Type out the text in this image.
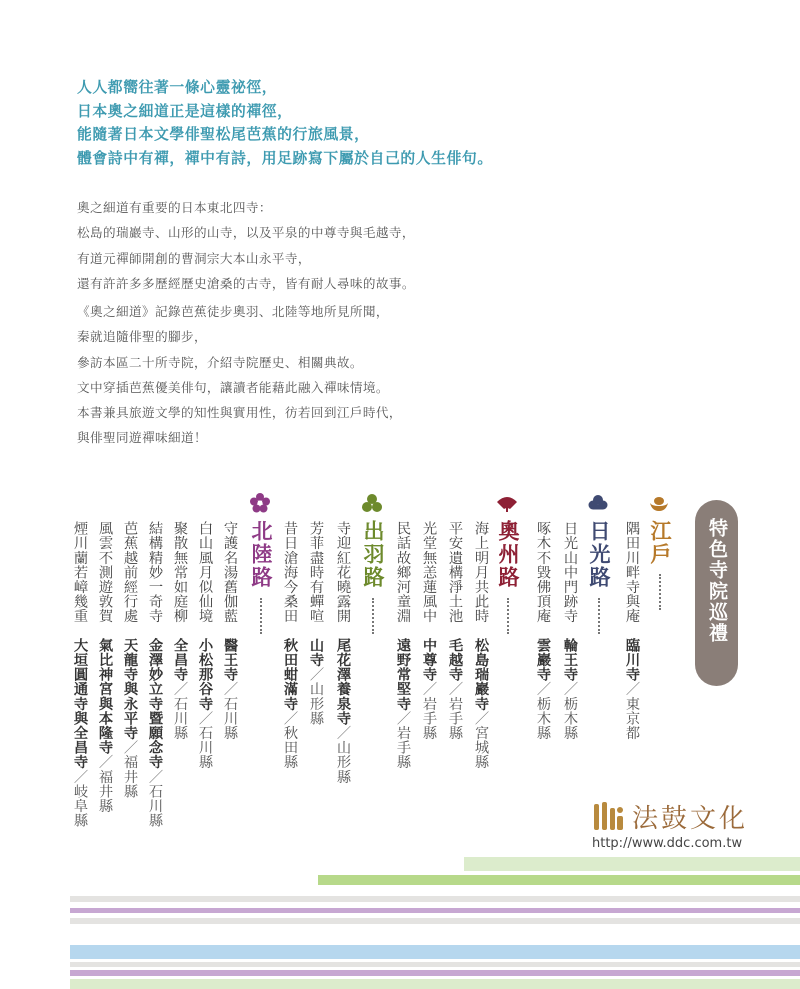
人人都嚮往著一條心靈祕徑，
日本奧之細道正是這樣的禪徑，
能隨著日本文學俳聖松尾芭蕉的行旅風景，
體會詩中有禪，禪中有詩，用足跡寫下屬於自己的人生俳句。
奧之細道有重要的日本東北四寺：
松島的瑞巖寺、山形的山寺，以及平泉的中尊寺與毛越寺，
有道元禪師開創的曹洞宗大本山永平寺，
還有許許多多歷經歷史滄桑的古寺，皆有耐人尋味的故事。
《奧之細道》記錄芭蕉徒步奧羽、北陸等地所見所聞，
秦就追隨俳聖的腳步，
參訪本區二十所寺院，介紹寺院歷史、相關典故。
文中穿插芭蕉優美俳句，讓讀者能藉此融入禪味情境。
本書兼具旅遊文學的知性與實用性，彷若回到江戶時代，
與俳聖同遊禪味細道！
特色寺院巡禮
江戶
日光路
奧州路
出羽路
北陸路	隅田川畔寺與庵　臨川寺／東京都
日光山中門跡寺　輪王寺／栃木縣
啄木不毀佛頂庵　雲巖寺／栃木縣
海上明月共此時　松島瑞巖寺／宮城縣
平安遺構淨土池　毛越寺／岩手縣
光堂無恙蓮風中　中尊寺／岩手縣
民話故鄉河童淵　遠野常堅寺／岩手縣
寺迎紅花曉露開　尾花澤養泉寺／山形縣
芳菲盡時有蟬喧　山寺／山形縣
昔日滄海今桑田　秋田蚶滿寺／秋田縣
守護名湯舊伽藍　醫王寺／石川縣
白山風月似仙境　小松那谷寺／石川縣
聚散無常如庭柳　全昌寺／石川縣
結構精妙一奇寺　金澤妙立寺暨願念寺／石川縣
芭蕉越前經行處　天龍寺與永平寺／福井縣
風雲不測遊敦賀　氣比神宮與本隆寺／福井縣
煙川蘭若嶂幾重　大垣圓通寺與全昌寺／岐阜縣	法鼓文化
http://www.ddc.com.tw
